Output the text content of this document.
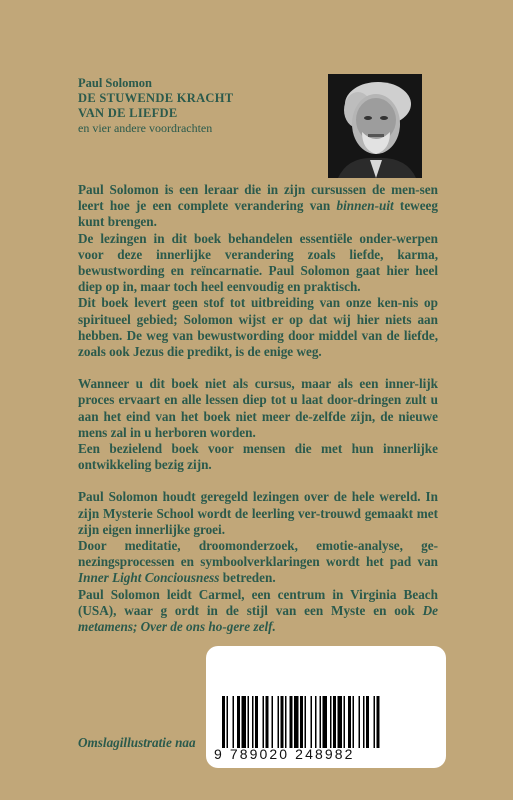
Paul Solomon
DE STUWENDE KRACHT
VAN DE LIEFDE
en vier andere voordrachten

Paul Solomon is een leraar die in zijn cursussen de men-sen leert hoe je een complete verandering van binnen-uit teweeg kunt brengen.

De lezingen in dit boek behandelen essentiële onder-werpen voor deze innerlijke verandering zoals liefde, karma, bewustwording en reïncarnatie. Paul Solomon gaat hier heel diep op in, maar toch heel eenvoudig en praktisch.

Dit boek levert geen stof tot uitbreiding van onze ken-nis op spiritueel gebied; Solomon wijst er op dat wij hier niets aan hebben. De weg van bewustwording door middel van de liefde, zoals ook Jezus die predikt, is de enige weg.

Wanneer u dit boek niet als cursus, maar als een inner-lijk proces ervaart en alle lessen diep tot u laat door-dringen zult u aan het eind van het boek niet meer de-zelfde zijn, de nieuwe mens zal in u herboren worden.

Een bezielend boek voor mensen die met hun innerlijke ontwikkeling bezig zijn.

Paul Solomon houdt geregeld lezingen over de hele wereld. In zijn Mysterie School wordt de leerling ver-trouwd gemaakt met zijn eigen innerlijke groei.

Door meditatie, droomonderzoek, emotie-analyse, ge-nezingsprocessen en symboolverklaringen wordt het pad van Inner Light Conciousness betreden.

Paul Solomon leidt Carmel, een centrum in Virginia Beach (USA), waar g ordt in de stijl van een Myste en ook De metamens; Over de ons ho-gere zelf.

Omslagillustratie naa
9 789020 248982
